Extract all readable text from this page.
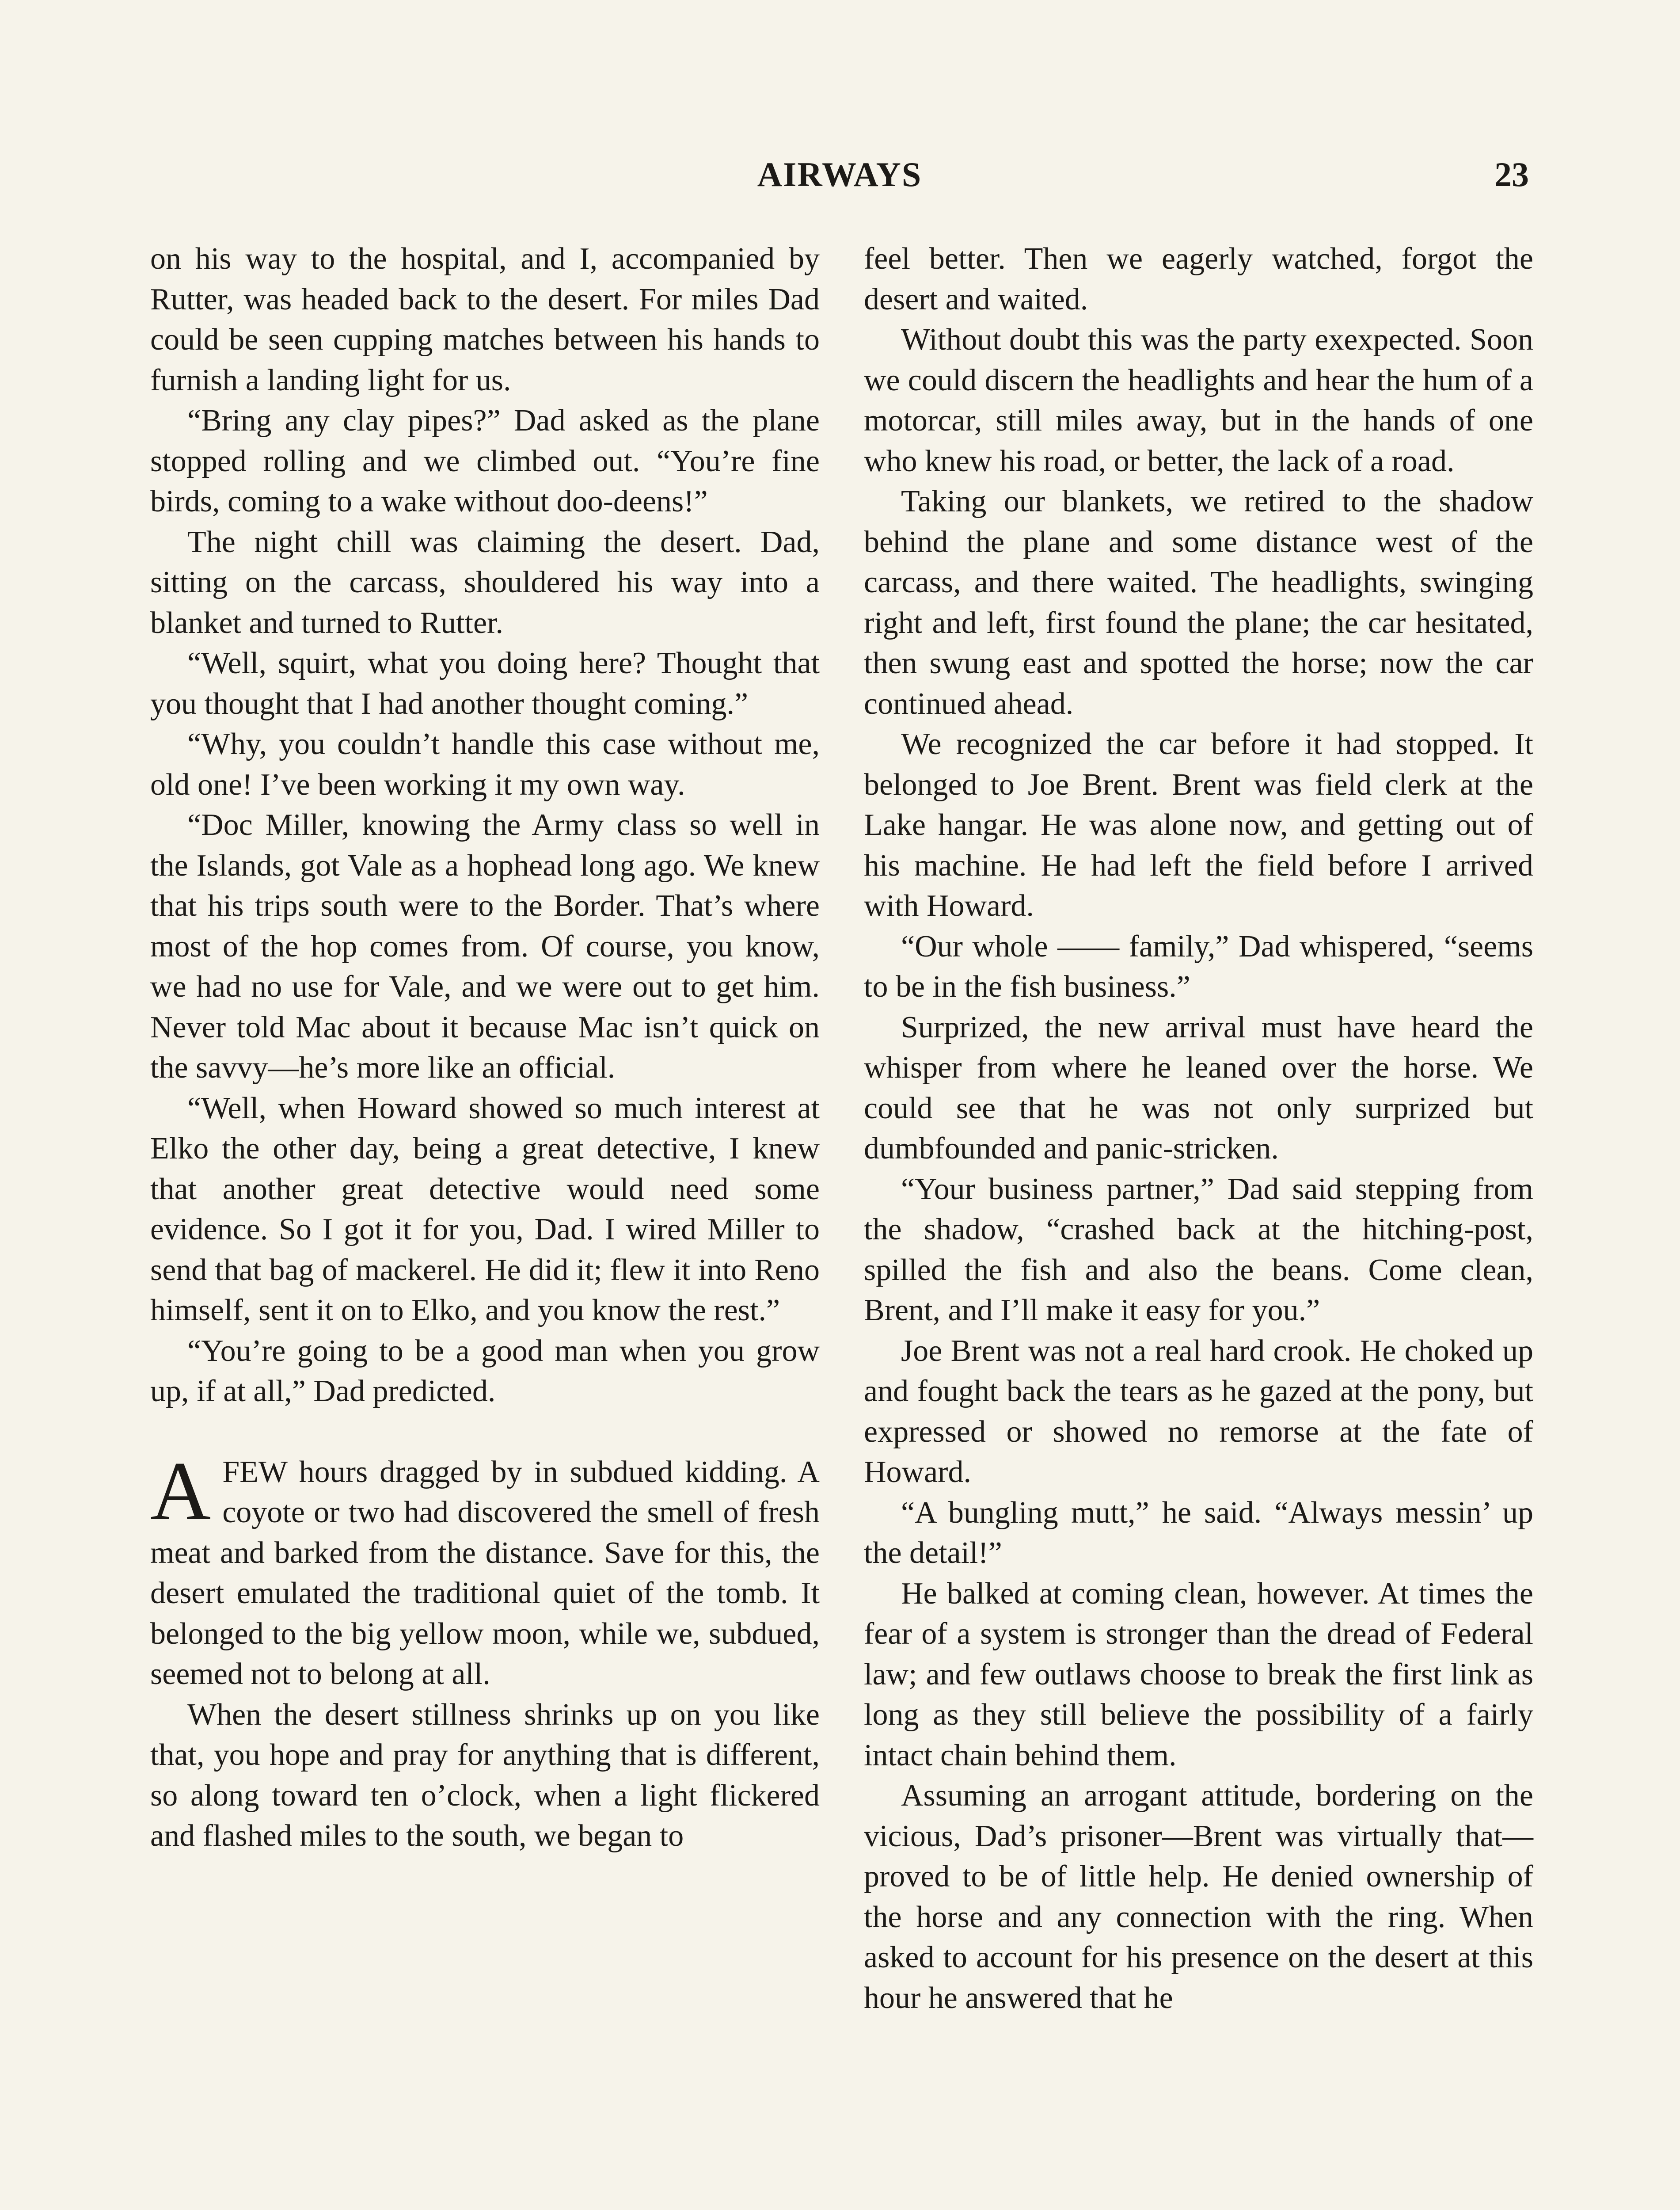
AIRWAYS	23

on his way to the hospital, and I, accompanied by Rutter, was headed back to the desert. For miles Dad could be seen cupping matches between his hands to furnish a landing light for us.

“Bring any clay pipes?” Dad asked as the plane stopped rolling and we climbed out. “You’re fine birds, coming to a wake without doo-deens!”

The night chill was claiming the desert. Dad, sitting on the carcass, shouldered his way into a blanket and turned to Rutter.

“Well, squirt, what you doing here? Thought that you thought that I had another thought coming.”

“Why, you couldn’t handle this case without me, old one! I’ve been working it my own way.

“Doc Miller, knowing the Army class so well in the Islands, got Vale as a hophead long ago. We knew that his trips south were to the Border. That’s where most of the hop comes from. Of course, you know, we had no use for Vale, and we were out to get him. Never told Mac about it because Mac isn’t quick on the savvy—he’s more like an official.

“Well, when Howard showed so much interest at Elko the other day, being a great detective, I knew that another great detective would need some evidence. So I got it for you, Dad. I wired Miller to send that bag of mackerel. He did it; flew it into Reno himself, sent it on to Elko, and you know the rest.”

“You’re going to be a good man when you grow up, if at all,” Dad predicted.

AFEW hours dragged by in subdued kidding. A coyote or two had discovered the smell of fresh meat and barked from the distance. Save for this, the desert emulated the traditional quiet of the tomb. It belonged to the big yellow moon, while we, subdued, seemed not to belong at all.

When the desert stillness shrinks up on you like that, you hope and pray for anything that is different, so along toward ten o’clock, when a light flickered and flashed miles to the south, we began to

feel better. Then we eagerly watched, forgot the desert and waited.

Without doubt this was the party exexpected. Soon we could discern the headlights and hear the hum of a motorcar, still miles away, but in the hands of one who knew his road, or better, the lack of a road.

Taking our blankets, we retired to the shadow behind the plane and some distance west of the carcass, and there waited. The headlights, swinging right and left, first found the plane; the car hesitated, then swung east and spotted the horse; now the car continued ahead.

We recognized the car before it had stopped. It belonged to Joe Brent. Brent was field clerk at the Lake hangar. He was alone now, and getting out of his machine. He had left the field before I arrived with Howard.

“Our whole —— family,” Dad whispered, “seems to be in the fish business.”

Surprized, the new arrival must have heard the whisper from where he leaned over the horse. We could see that he was not only surprized but dumbfounded and panic-stricken.

“Your business partner,” Dad said stepping from the shadow, “crashed back at the hitching-post, spilled the fish and also the beans. Come clean, Brent, and I’ll make it easy for you.”

Joe Brent was not a real hard crook. He choked up and fought back the tears as he gazed at the pony, but expressed or showed no remorse at the fate of Howard.

“A bungling mutt,” he said. “Always messin’ up the detail!”

He balked at coming clean, however. At times the fear of a system is stronger than the dread of Federal law; and few outlaws choose to break the first link as long as they still believe the possibility of a fairly intact chain behind them.

Assuming an arrogant attitude, bordering on the vicious, Dad’s prisoner—Brent was virtually that—proved to be of little help. He denied ownership of the horse and any connection with the ring. When asked to account for his presence on the desert at this hour he answered that he
